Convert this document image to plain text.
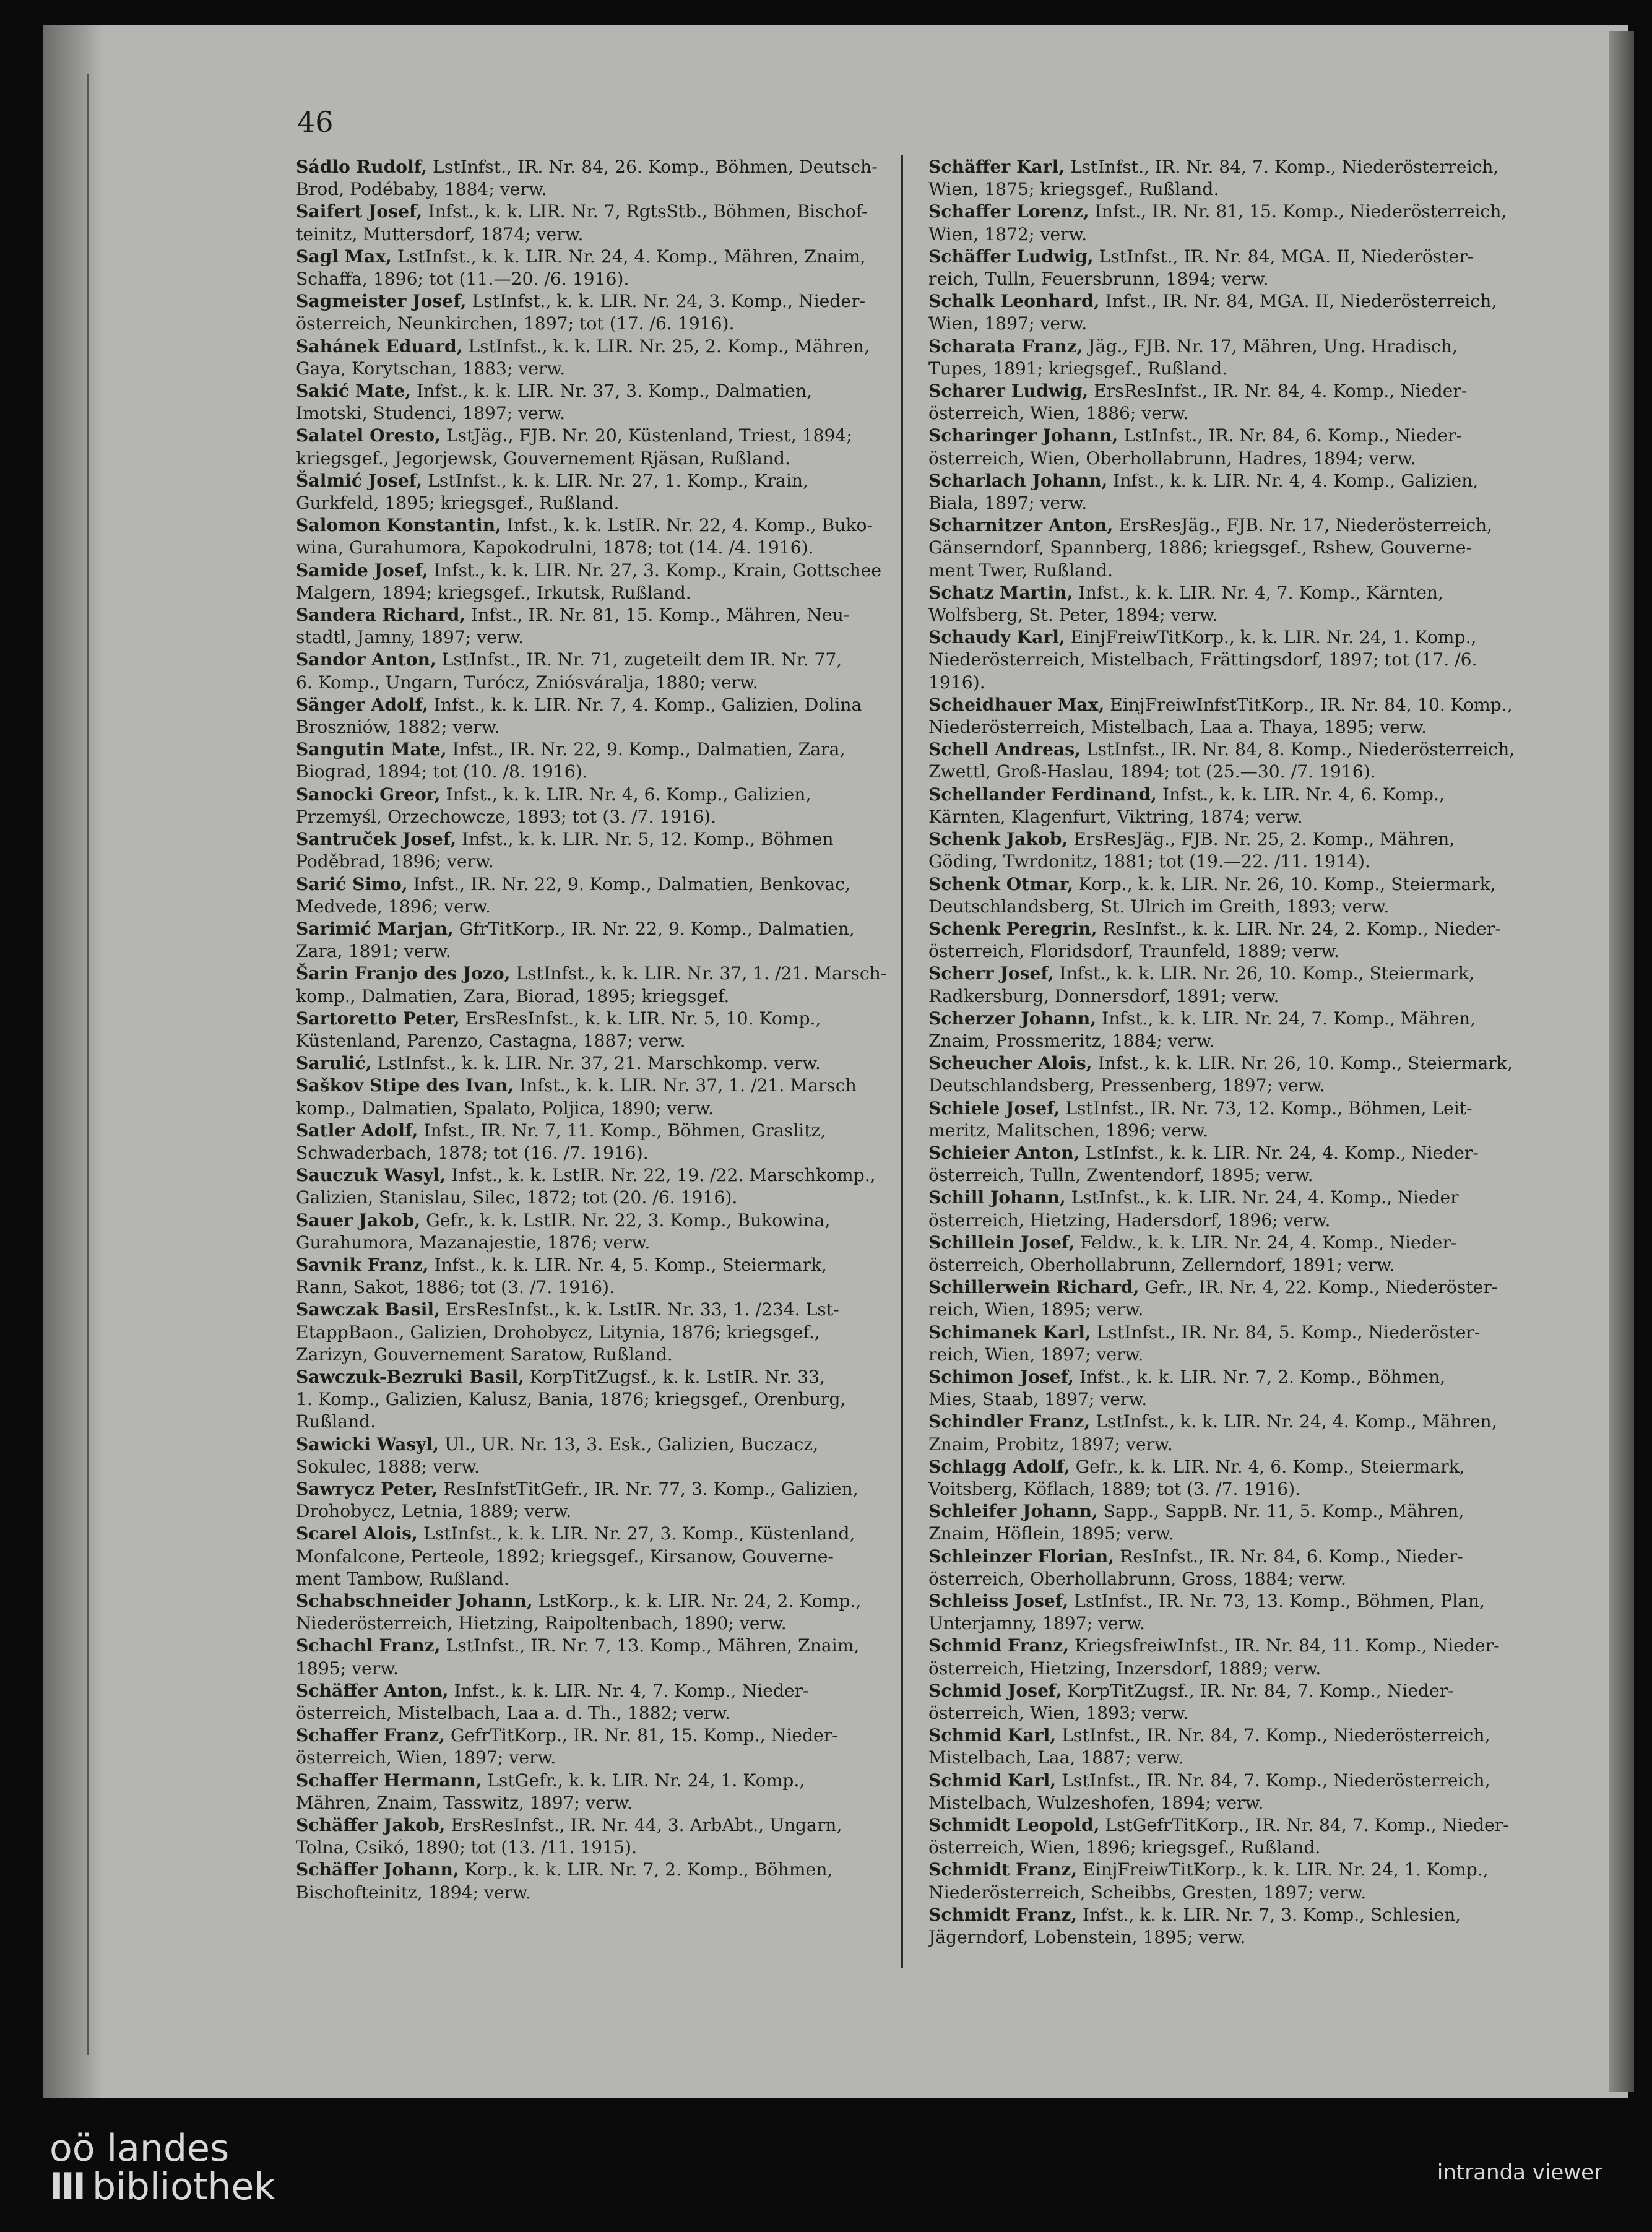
46
Sádlo Rudolf, LstInfst., IR. Nr. 84, 26. Komp., Böhmen, Deutsch-
Brod, Podébaby, 1884; verw.
Saifert Josef, Infst., k. k. LIR. Nr. 7, RgtsStb., Böhmen, Bischof-
teinitz, Muttersdorf, 1874; verw.
Sagl Max, LstInfst., k. k. LIR. Nr. 24, 4. Komp., Mähren, Znaim,
Schaffa, 1896; tot (11.—20. /6. 1916).
Sagmeister Josef, LstInfst., k. k. LIR. Nr. 24, 3. Komp., Nieder-
österreich, Neunkirchen, 1897; tot (17. /6. 1916).
Sahánek Eduard, LstInfst., k. k. LIR. Nr. 25, 2. Komp., Mähren,
Gaya, Korytschan, 1883; verw.
Sakić Mate, Infst., k. k. LIR. Nr. 37, 3. Komp., Dalmatien,
Imotski, Studenci, 1897; verw.
Salatel Oresto, LstJäg., FJB. Nr. 20, Küstenland, Triest, 1894;
kriegsgef., Jegorjewsk, Gouvernement Rjäsan, Rußland.
Šalmić Josef, LstInfst., k. k. LIR. Nr. 27, 1. Komp., Krain,
Gurkfeld, 1895; kriegsgef., Rußland.
Salomon Konstantin, Infst., k. k. LstIR. Nr. 22, 4. Komp., Buko-
wina, Gurahumora, Kapokodrulni, 1878; tot (14. /4. 1916).
Samide Josef, Infst., k. k. LIR. Nr. 27, 3. Komp., Krain, Gottschee
Malgern, 1894; kriegsgef., Irkutsk, Rußland.
Sandera Richard, Infst., IR. Nr. 81, 15. Komp., Mähren, Neu-
stadtl, Jamny, 1897; verw.
Sandor Anton, LstInfst., IR. Nr. 71, zugeteilt dem IR. Nr. 77,
6. Komp., Ungarn, Turócz, Zniósváralja, 1880; verw.
Sänger Adolf, Infst., k. k. LIR. Nr. 7, 4. Komp., Galizien, Dolina
Broszniów, 1882; verw.
Sangutin Mate, Infst., IR. Nr. 22, 9. Komp., Dalmatien, Zara,
Biograd, 1894; tot (10. /8. 1916).
Sanocki Greor, Infst., k. k. LIR. Nr. 4, 6. Komp., Galizien,
Przemyśl, Orzechowcze, 1893; tot (3. /7. 1916).
Santruček Josef, Infst., k. k. LIR. Nr. 5, 12. Komp., Böhmen
Poděbrad, 1896; verw.
Sarić Simo, Infst., IR. Nr. 22, 9. Komp., Dalmatien, Benkovac,
Medvede, 1896; verw.
Sarimić Marjan, GfrTitKorp., IR. Nr. 22, 9. Komp., Dalmatien,
Zara, 1891; verw.
Šarin Franjo des Jozo, LstInfst., k. k. LIR. Nr. 37, 1. /21. Marsch-
komp., Dalmatien, Zara, Biorad, 1895; kriegsgef.
Sartoretto Peter, ErsResInfst., k. k. LIR. Nr. 5, 10. Komp.,
Küstenland, Parenzo, Castagna, 1887; verw.
Sarulić, LstInfst., k. k. LIR. Nr. 37, 21. Marschkomp. verw.
Saškov Stipe des Ivan, Infst., k. k. LIR. Nr. 37, 1. /21. Marsch
komp., Dalmatien, Spalato, Poljica, 1890; verw.
Satler Adolf, Infst., IR. Nr. 7, 11. Komp., Böhmen, Graslitz,
Schwaderbach, 1878; tot (16. /7. 1916).
Sauczuk Wasyl, Infst., k. k. LstIR. Nr. 22, 19. /22. Marschkomp.,
Galizien, Stanislau, Silec, 1872; tot (20. /6. 1916).
Sauer Jakob, Gefr., k. k. LstIR. Nr. 22, 3. Komp., Bukowina,
Gurahumora, Mazanajestie, 1876; verw.
Savnik Franz, Infst., k. k. LIR. Nr. 4, 5. Komp., Steiermark,
Rann, Sakot, 1886; tot (3. /7. 1916).
Sawczak Basil, ErsResInfst., k. k. LstIR. Nr. 33, 1. /234. Lst-
EtappBaon., Galizien, Drohobycz, Litynia, 1876; kriegsgef.,
Zarizyn, Gouvernement Saratow, Rußland.
Sawczuk-Bezruki Basil, KorpTitZugsf., k. k. LstIR. Nr. 33,
1. Komp., Galizien, Kalusz, Bania, 1876; kriegsgef., Orenburg,
Rußland.
Sawicki Wasyl, Ul., UR. Nr. 13, 3. Esk., Galizien, Buczacz,
Sokulec, 1888; verw.
Sawrycz Peter, ResInfstTitGefr., IR. Nr. 77, 3. Komp., Galizien,
Drohobycz, Letnia, 1889; verw.
Scarel Alois, LstInfst., k. k. LIR. Nr. 27, 3. Komp., Küstenland,
Monfalcone, Perteole, 1892; kriegsgef., Kirsanow, Gouverne-
ment Tambow, Rußland.
Schabschneider Johann, LstKorp., k. k. LIR. Nr. 24, 2. Komp.,
Niederösterreich, Hietzing, Raipoltenbach, 1890; verw.
Schachl Franz, LstInfst., IR. Nr. 7, 13. Komp., Mähren, Znaim,
1895; verw.
Schäffer Anton, Infst., k. k. LIR. Nr. 4, 7. Komp., Nieder-
österreich, Mistelbach, Laa a. d. Th., 1882; verw.
Schaffer Franz, GefrTitKorp., IR. Nr. 81, 15. Komp., Nieder-
österreich, Wien, 1897; verw.
Schaffer Hermann, LstGefr., k. k. LIR. Nr. 24, 1. Komp.,
Mähren, Znaim, Tasswitz, 1897; verw.
Schäffer Jakob, ErsResInfst., IR. Nr. 44, 3. ArbAbt., Ungarn,
Tolna, Csikó, 1890; tot (13. /11. 1915).
Schäffer Johann, Korp., k. k. LIR. Nr. 7, 2. Komp., Böhmen,
Bischofteinitz, 1894; verw.
Schäffer Karl, LstInfst., IR. Nr. 84, 7. Komp., Niederösterreich,
Wien, 1875; kriegsgef., Rußland.
Schaffer Lorenz, Infst., IR. Nr. 81, 15. Komp., Niederösterreich,
Wien, 1872; verw.
Schäffer Ludwig, LstInfst., IR. Nr. 84, MGA. II, Niederöster-
reich, Tulln, Feuersbrunn, 1894; verw.
Schalk Leonhard, Infst., IR. Nr. 84, MGA. II, Niederösterreich,
Wien, 1897; verw.
Scharata Franz, Jäg., FJB. Nr. 17, Mähren, Ung. Hradisch,
Tupes, 1891; kriegsgef., Rußland.
Scharer Ludwig, ErsResInfst., IR. Nr. 84, 4. Komp., Nieder-
österreich, Wien, 1886; verw.
Scharinger Johann, LstInfst., IR. Nr. 84, 6. Komp., Nieder-
österreich, Wien, Oberhollabrunn, Hadres, 1894; verw.
Scharlach Johann, Infst., k. k. LIR. Nr. 4, 4. Komp., Galizien,
Biala, 1897; verw.
Scharnitzer Anton, ErsResJäg., FJB. Nr. 17, Niederösterreich,
Gänserndorf, Spannberg, 1886; kriegsgef., Rshew, Gouverne-
ment Twer, Rußland.
Schatz Martin, Infst., k. k. LIR. Nr. 4, 7. Komp., Kärnten,
Wolfsberg, St. Peter, 1894; verw.
Schaudy Karl, EinjFreiwTitKorp., k. k. LIR. Nr. 24, 1. Komp.,
Niederösterreich, Mistelbach, Frättingsdorf, 1897; tot (17. /6.
1916).
Scheidhauer Max, EinjFreiwInfstTitKorp., IR. Nr. 84, 10. Komp.,
Niederösterreich, Mistelbach, Laa a. Thaya, 1895; verw.
Schell Andreas, LstInfst., IR. Nr. 84, 8. Komp., Niederösterreich,
Zwettl, Groß-Haslau, 1894; tot (25.—30. /7. 1916).
Schellander Ferdinand, Infst., k. k. LIR. Nr. 4, 6. Komp.,
Kärnten, Klagenfurt, Viktring, 1874; verw.
Schenk Jakob, ErsResJäg., FJB. Nr. 25, 2. Komp., Mähren,
Göding, Twrdonitz, 1881; tot (19.—22. /11. 1914).
Schenk Otmar, Korp., k. k. LIR. Nr. 26, 10. Komp., Steiermark,
Deutschlandsberg, St. Ulrich im Greith, 1893; verw.
Schenk Peregrin, ResInfst., k. k. LIR. Nr. 24, 2. Komp., Nieder-
österreich, Floridsdorf, Traunfeld, 1889; verw.
Scherr Josef, Infst., k. k. LIR. Nr. 26, 10. Komp., Steiermark,
Radkersburg, Donnersdorf, 1891; verw.
Scherzer Johann, Infst., k. k. LIR. Nr. 24, 7. Komp., Mähren,
Znaim, Prossmeritz, 1884; verw.
Scheucher Alois, Infst., k. k. LIR. Nr. 26, 10. Komp., Steiermark,
Deutschlandsberg, Pressenberg, 1897; verw.
Schiele Josef, LstInfst., IR. Nr. 73, 12. Komp., Böhmen, Leit-
meritz, Malitschen, 1896; verw.
Schieier Anton, LstInfst., k. k. LIR. Nr. 24, 4. Komp., Nieder-
österreich, Tulln, Zwentendorf, 1895; verw.
Schill Johann, LstInfst., k. k. LIR. Nr. 24, 4. Komp., Nieder
österreich, Hietzing, Hadersdorf, 1896; verw.
Schillein Josef, Feldw., k. k. LIR. Nr. 24, 4. Komp., Nieder-
österreich, Oberhollabrunn, Zellerndorf, 1891; verw.
Schillerwein Richard, Gefr., IR. Nr. 4, 22. Komp., Niederöster-
reich, Wien, 1895; verw.
Schimanek Karl, LstInfst., IR. Nr. 84, 5. Komp., Niederöster-
reich, Wien, 1897; verw.
Schimon Josef, Infst., k. k. LIR. Nr. 7, 2. Komp., Böhmen,
Mies, Staab, 1897; verw.
Schindler Franz, LstInfst., k. k. LIR. Nr. 24, 4. Komp., Mähren,
Znaim, Probitz, 1897; verw.
Schlagg Adolf, Gefr., k. k. LIR. Nr. 4, 6. Komp., Steiermark,
Voitsberg, Köflach, 1889; tot (3. /7. 1916).
Schleifer Johann, Sapp., SappB. Nr. 11, 5. Komp., Mähren,
Znaim, Höflein, 1895; verw.
Schleinzer Florian, ResInfst., IR. Nr. 84, 6. Komp., Nieder-
österreich, Oberhollabrunn, Gross, 1884; verw.
Schleiss Josef, LstInfst., IR. Nr. 73, 13. Komp., Böhmen, Plan,
Unterjamny, 1897; verw.
Schmid Franz, KriegsfreiwInfst., IR. Nr. 84, 11. Komp., Nieder-
österreich, Hietzing, Inzersdorf, 1889; verw.
Schmid Josef, KorpTitZugsf., IR. Nr. 84, 7. Komp., Nieder-
österreich, Wien, 1893; verw.
Schmid Karl, LstInfst., IR. Nr. 84, 7. Komp., Niederösterreich,
Mistelbach, Laa, 1887; verw.
Schmid Karl, LstInfst., IR. Nr. 84, 7. Komp., Niederösterreich,
Mistelbach, Wulzeshofen, 1894; verw.
Schmidt Leopold, LstGefrTitKorp., IR. Nr. 84, 7. Komp., Nieder-
österreich, Wien, 1896; kriegsgef., Rußland.
Schmidt Franz, EinjFreiwTitKorp., k. k. LIR. Nr. 24, 1. Komp.,
Niederösterreich, Scheibbs, Gresten, 1897; verw.
Schmidt Franz, Infst., k. k. LIR. Nr. 7, 3. Komp., Schlesien,
Jägerndorf, Lobenstein, 1895; verw.
oö landes
III bibliothek	intranda viewer
